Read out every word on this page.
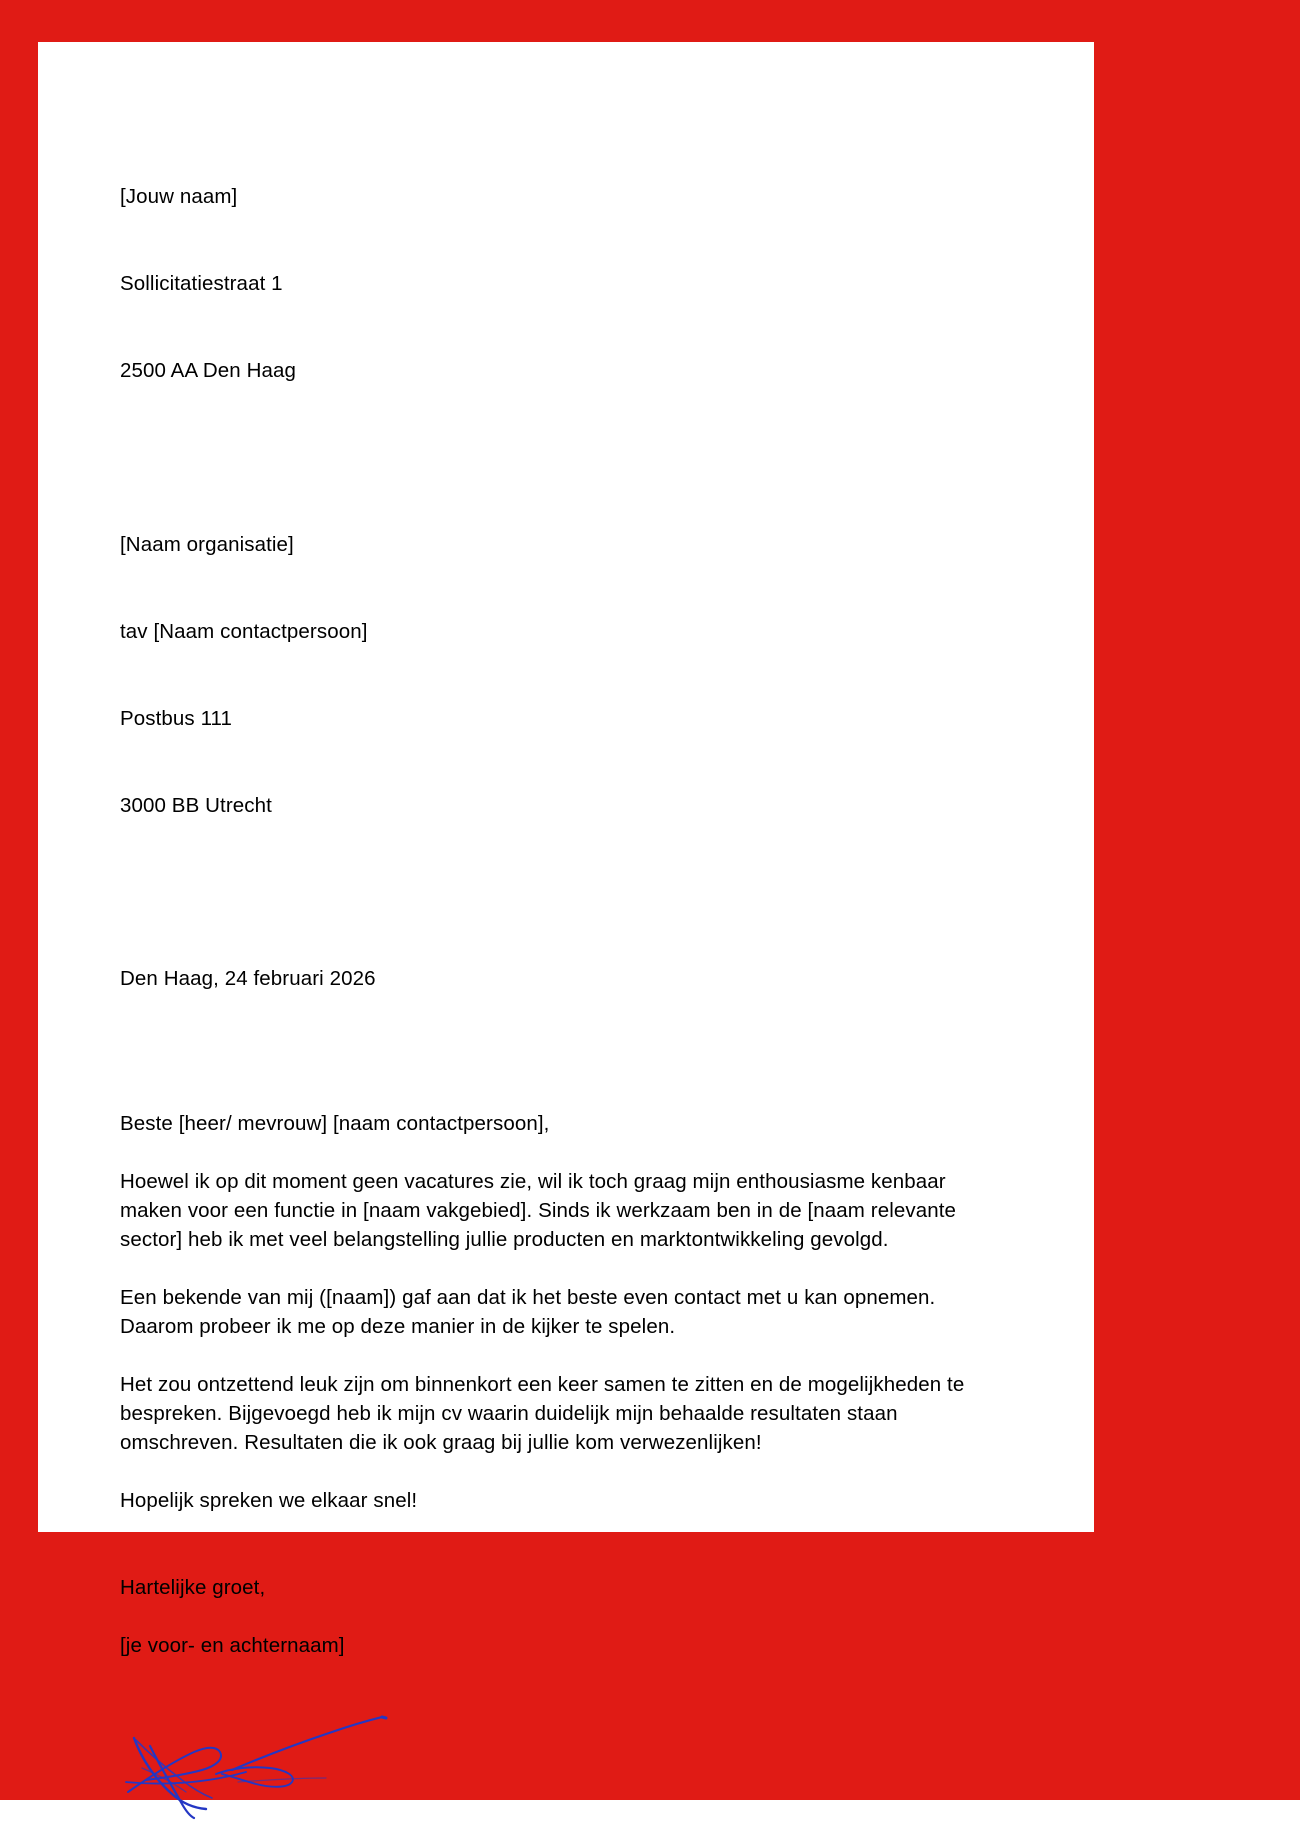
[Jouw naam]

Sollicitatiestraat 1

2500 AA Den Haag

[Naam organisatie]

tav [Naam contactpersoon]

Postbus 111

3000 BB Utrecht

Den Haag, 24 februari 2026
Beste [heer/ mevrouw] [naam contactpersoon],

Hoewel ik op dit moment geen vacatures zie, wil ik toch graag mijn enthousiasme kenbaar maken voor een functie in [naam vakgebied]. Sinds ik werkzaam ben in de [naam relevante sector] heb ik met veel belangstelling jullie producten en marktontwikkeling gevolgd.

Een bekende van mij ([naam]) gaf aan dat ik het beste even contact met u kan opnemen. Daarom probeer ik me op deze manier in de kijker te spelen.

Het zou ontzettend leuk zijn om binnenkort een keer samen te zitten en de mogelijkheden te bespreken. Bijgevoegd heb ik mijn cv waarin duidelijk mijn behaalde resultaten staan omschreven. Resultaten die ik ook graag bij jullie kom verwezenlijken!

Hopelijk spreken we elkaar snel!

Hartelijke groet,
[je voor- en achternaam]
